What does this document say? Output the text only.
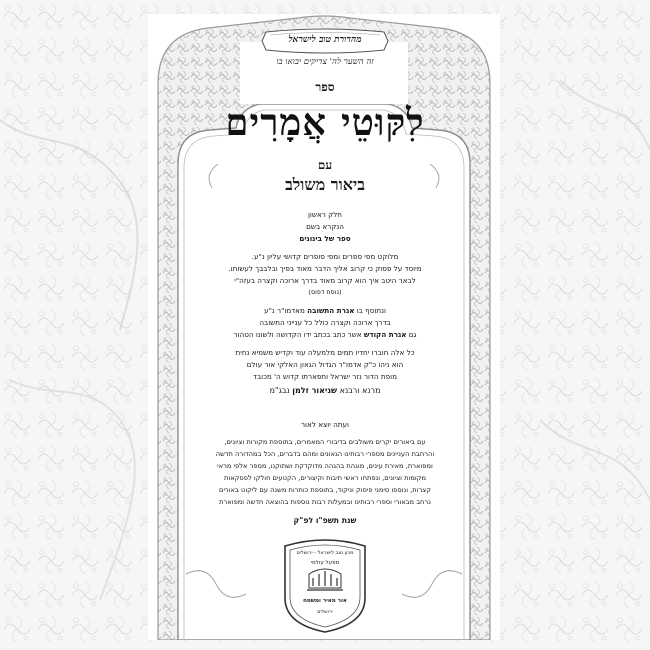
מהדורת טוב לישראל
זה השער לה' צדיקים יבואו בו
ספר
לִקּוּטֵי אֲמָרִים
עם
ביאור משולב
חלק ראשון
הנקרא בשם
ספר של בינונים
מלוקט מפי ספרים ומפי סופרים קדושי עליון נ"ע.
מיוסד על פסוק כי קרוב אליך הדבר מאוד בפיך ובלבבך לעשותו.
לבאר היטב איך הוא קרוב מאוד בדרך ארוכה וקצרה בעזה"י
(נוסח דפוס)
ונתוסף בו אגרת התשובה מאדמו"ר נ"ע
בדרך ארוכה וקצרה כולל כל ענייני התשובה
גם אגרת הקודש אשר כתב בכתב ידו הקדושה ולשונו הטהור
כל אלה חוברו יחדיו תמים מלמעלה עוד וקדיש משמיא נחית
הוא ניהו כ"ק אדמו"ר הגדול הגאון האלקי אור עולם
מופת הדור נזר ישראל ותפארתו קדוש ה' מכובד
מרנא ורבנא שניאור זלמן נבג"מ
ועתה יוצא לאור
עם ביאורים יקרים משולבים בדיבורי המאמרים, בתוספת מקורות וציונים,
והרחבת העניינים מספרי רבותינו הגאונים ומהם בדברים, הכל במהדורה חדשה
ומפוארת, מאירת עינים, מוגהת בהגהה מדוקדקת ושתוקנו, מספר אלפי מראי
מקומות וציונים, ונפתחו ראשי תיבות וקיצורים, הקטעים חולקו לפסקאות
קצרות, ונוספו סימני פיסוק וניקוד, בתוספת כותרות משנה עם ליקוט באורים
נרחב מבאורי וספרי רבותינו ובמעלות רבות נוספות בהוצאה חדשה ומפוארת
שנת תשפ"ו לפ"ק
מכון טוב לישראל - ירושלים
מפעל עולמי
אור מאיר ומשמח
ירושלים
